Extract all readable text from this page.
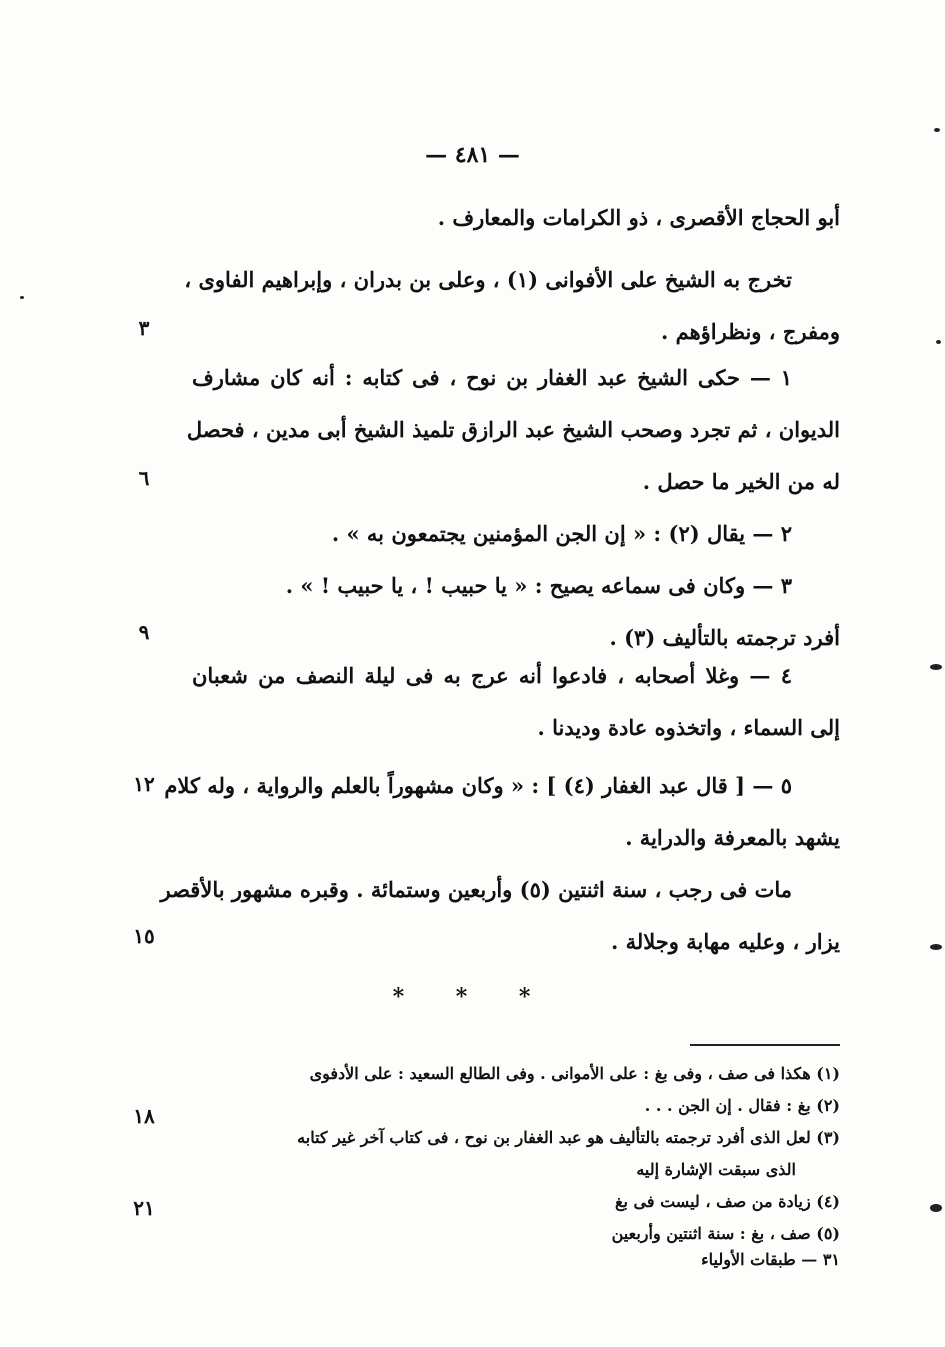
— ٤٨١ —
أبو الحجاج الأقصرى ، ذو الكرامات والمعارف .
تخرج به الشيخ على الأفوانى (١) ، وعلى بن بدران ، وإبراهيم الفاوى ،
ومفرج ، ونظراؤهم .
١ — حكى الشيخ عبد الغفار بن نوح ، فى كتابه : أنه كان مشارف
الديوان ، ثم تجرد وصحب الشيخ عبد الرازق تلميذ الشيخ أبى مدين ، فحصل
له من الخير ما حصل .
٢ — يقال (٢) : « إن الجن المؤمنين يجتمعون به » .
٣ — وكان فى سماعه يصيح : « يا حبيب ! ، يا حبيب ! » .
أفرد ترجمته بالتأليف (٣) .
٤ — وغلا أصحابه ، فادعوا أنه عرج به فى ليلة النصف من شعبان
إلى السماء ، واتخذوه عادة وديدنا .
٥ — [ قال عبد الغفار (٤) ] : « وكان مشهوراً بالعلم والرواية ، وله كلام
يشهد بالمعرفة والدراية .
مات فى رجب ، سنة اثنتين (٥) وأربعين وستمائة . وقبره مشهور بالأقصر
يزار ، وعليه مهابة وجلالة .
٣
٦
٩
١٢
١٥
١٨
٢١
* * *
(١) هكذا فى صف ، وفى بغ : على الأموانى . وفى الطالع السعيد : على الأدفوى
(٢) بغ : فقال . إن الجن . . .
(٣) لعل الذى أفرد ترجمته بالتأليف هو عبد الغفار بن نوح ، فى كتاب آخر غير كتابه
الذى سبقت الإشارة إليه
(٤) زيادة من صف ، ليست فى بغ
(٥) صف ، بغ : سنة اثنتين وأربعين
٣١ — طبقات الأولياء
